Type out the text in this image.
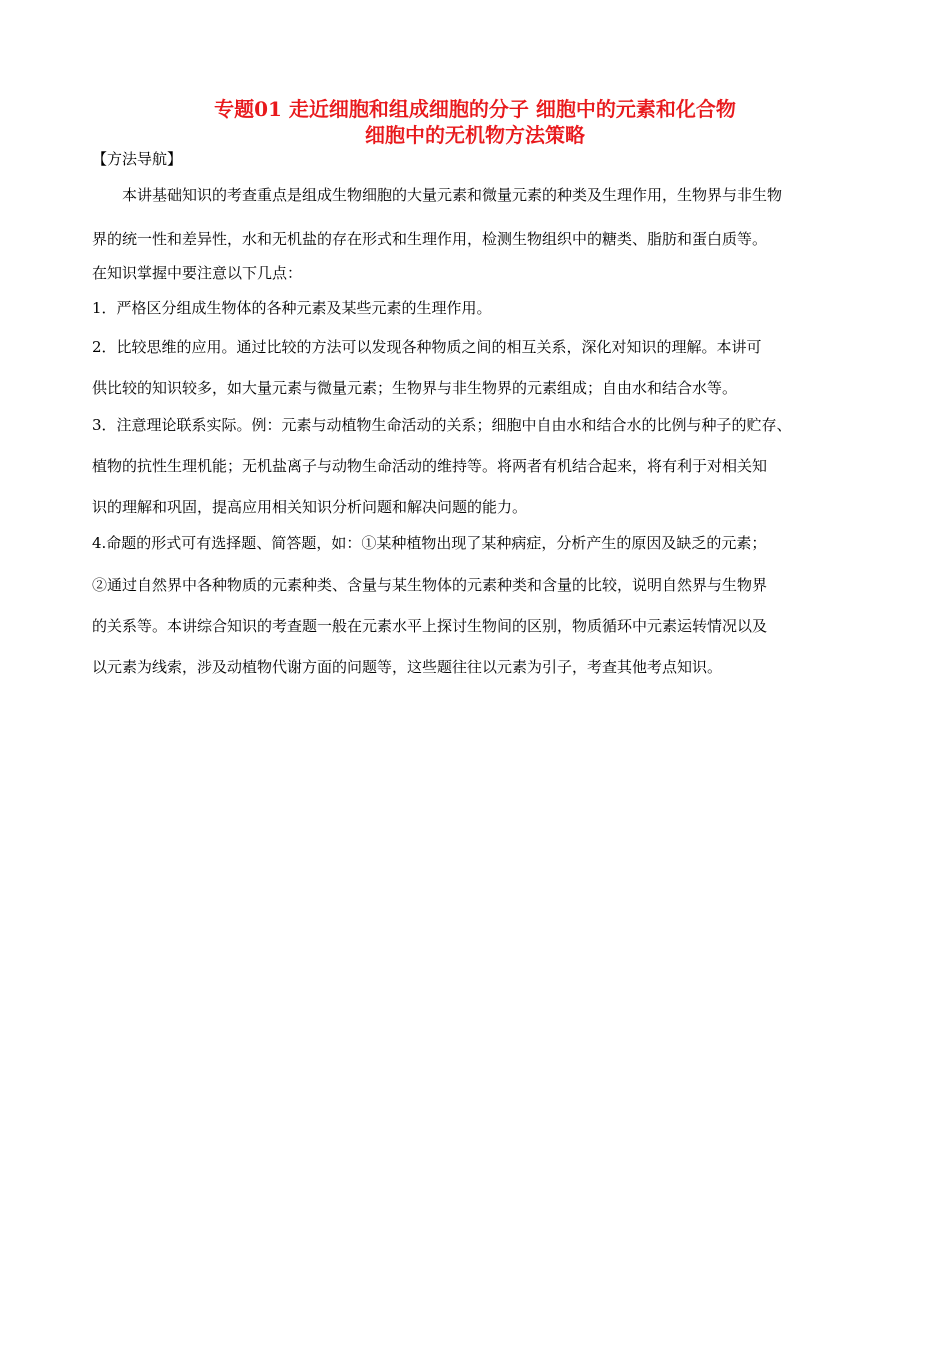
专题01 走近细胞和组成细胞的分子 细胞中的元素和化合物
细胞中的无机物方法策略
【方法导航】
本讲基础知识的考查重点是组成生物细胞的大量元素和微量元素的种类及生理作用，生物界与非生物
界的统一性和差异性，水和无机盐的存在形式和生理作用，检测生物组织中的糖类、脂肪和蛋白质等。
在知识掌握中要注意以下几点：
1．严格区分组成生物体的各种元素及某些元素的生理作用。
2．比较思维的应用。通过比较的方法可以发现各种物质之间的相互关系，深化对知识的理解。本讲可
供比较的知识较多，如大量元素与微量元素；生物界与非生物界的元素组成；自由水和结合水等。
3．注意理论联系实际。例：元素与动植物生命活动的关系；细胞中自由水和结合水的比例与种子的贮存、
植物的抗性生理机能；无机盐离子与动物生命活动的维持等。将两者有机结合起来，将有利于对相关知
识的理解和巩固，提高应用相关知识分析问题和解决问题的能力。
4.命题的形式可有选择题、简答题，如：①某种植物出现了某种病症，分析产生的原因及缺乏的元素；
②通过自然界中各种物质的元素种类、含量与某生物体的元素种类和含量的比较，说明自然界与生物界
的关系等。本讲综合知识的考查题一般在元素水平上探讨生物间的区别，物质循环中元素运转情况以及
以元素为线索，涉及动植物代谢方面的问题等，这些题往往以元素为引子，考查其他考点知识。
